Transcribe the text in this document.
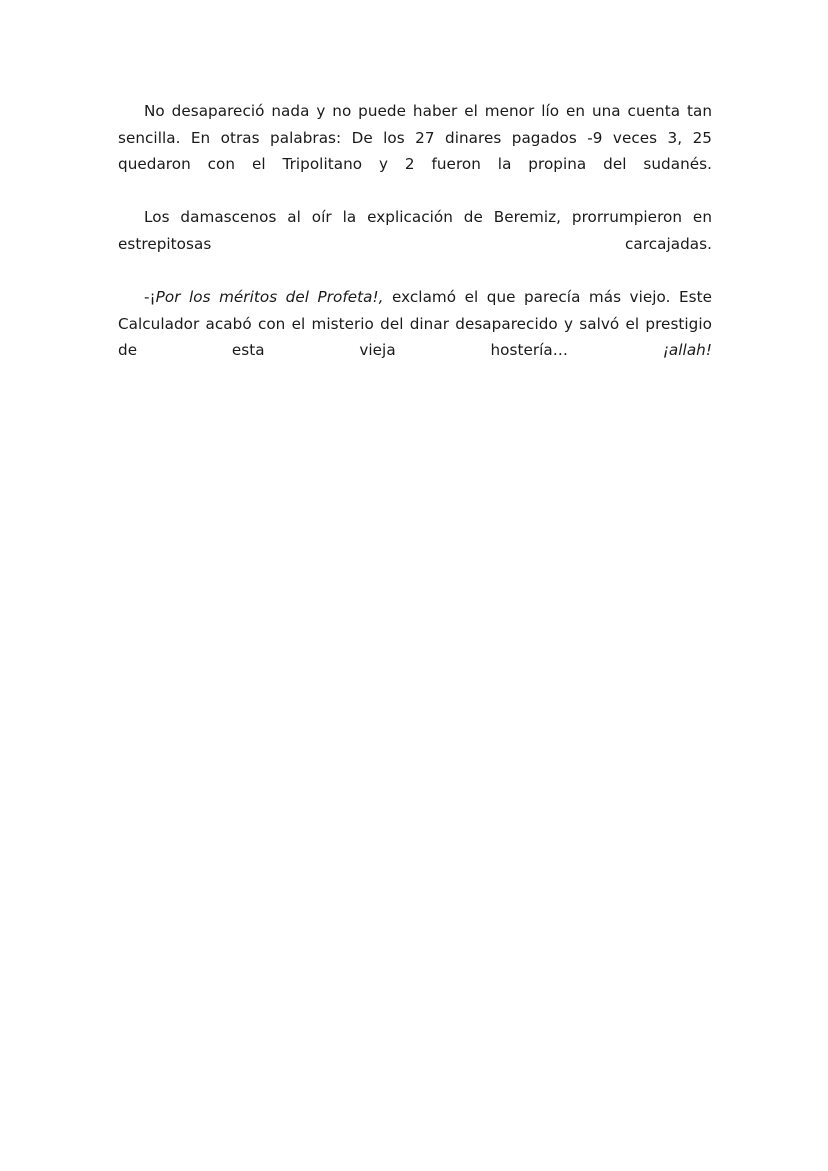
No desapareció nada y no puede haber el menor lío en una cuenta tan sencilla. En otras palabras: De los 27 dinares pagados -9 veces 3, 25 quedaron con el Tripolitano y 2 fueron la propina del sudanés.

Los damascenos al oír la explicación de Beremiz, prorrumpieron en estrepitosas carcajadas.

-¡Por los méritos del Profeta!, exclamó el que parecía más viejo. Este Calculador acabó con el misterio del dinar desaparecido y salvó el prestigio de esta vieja hostería… ¡allah!
